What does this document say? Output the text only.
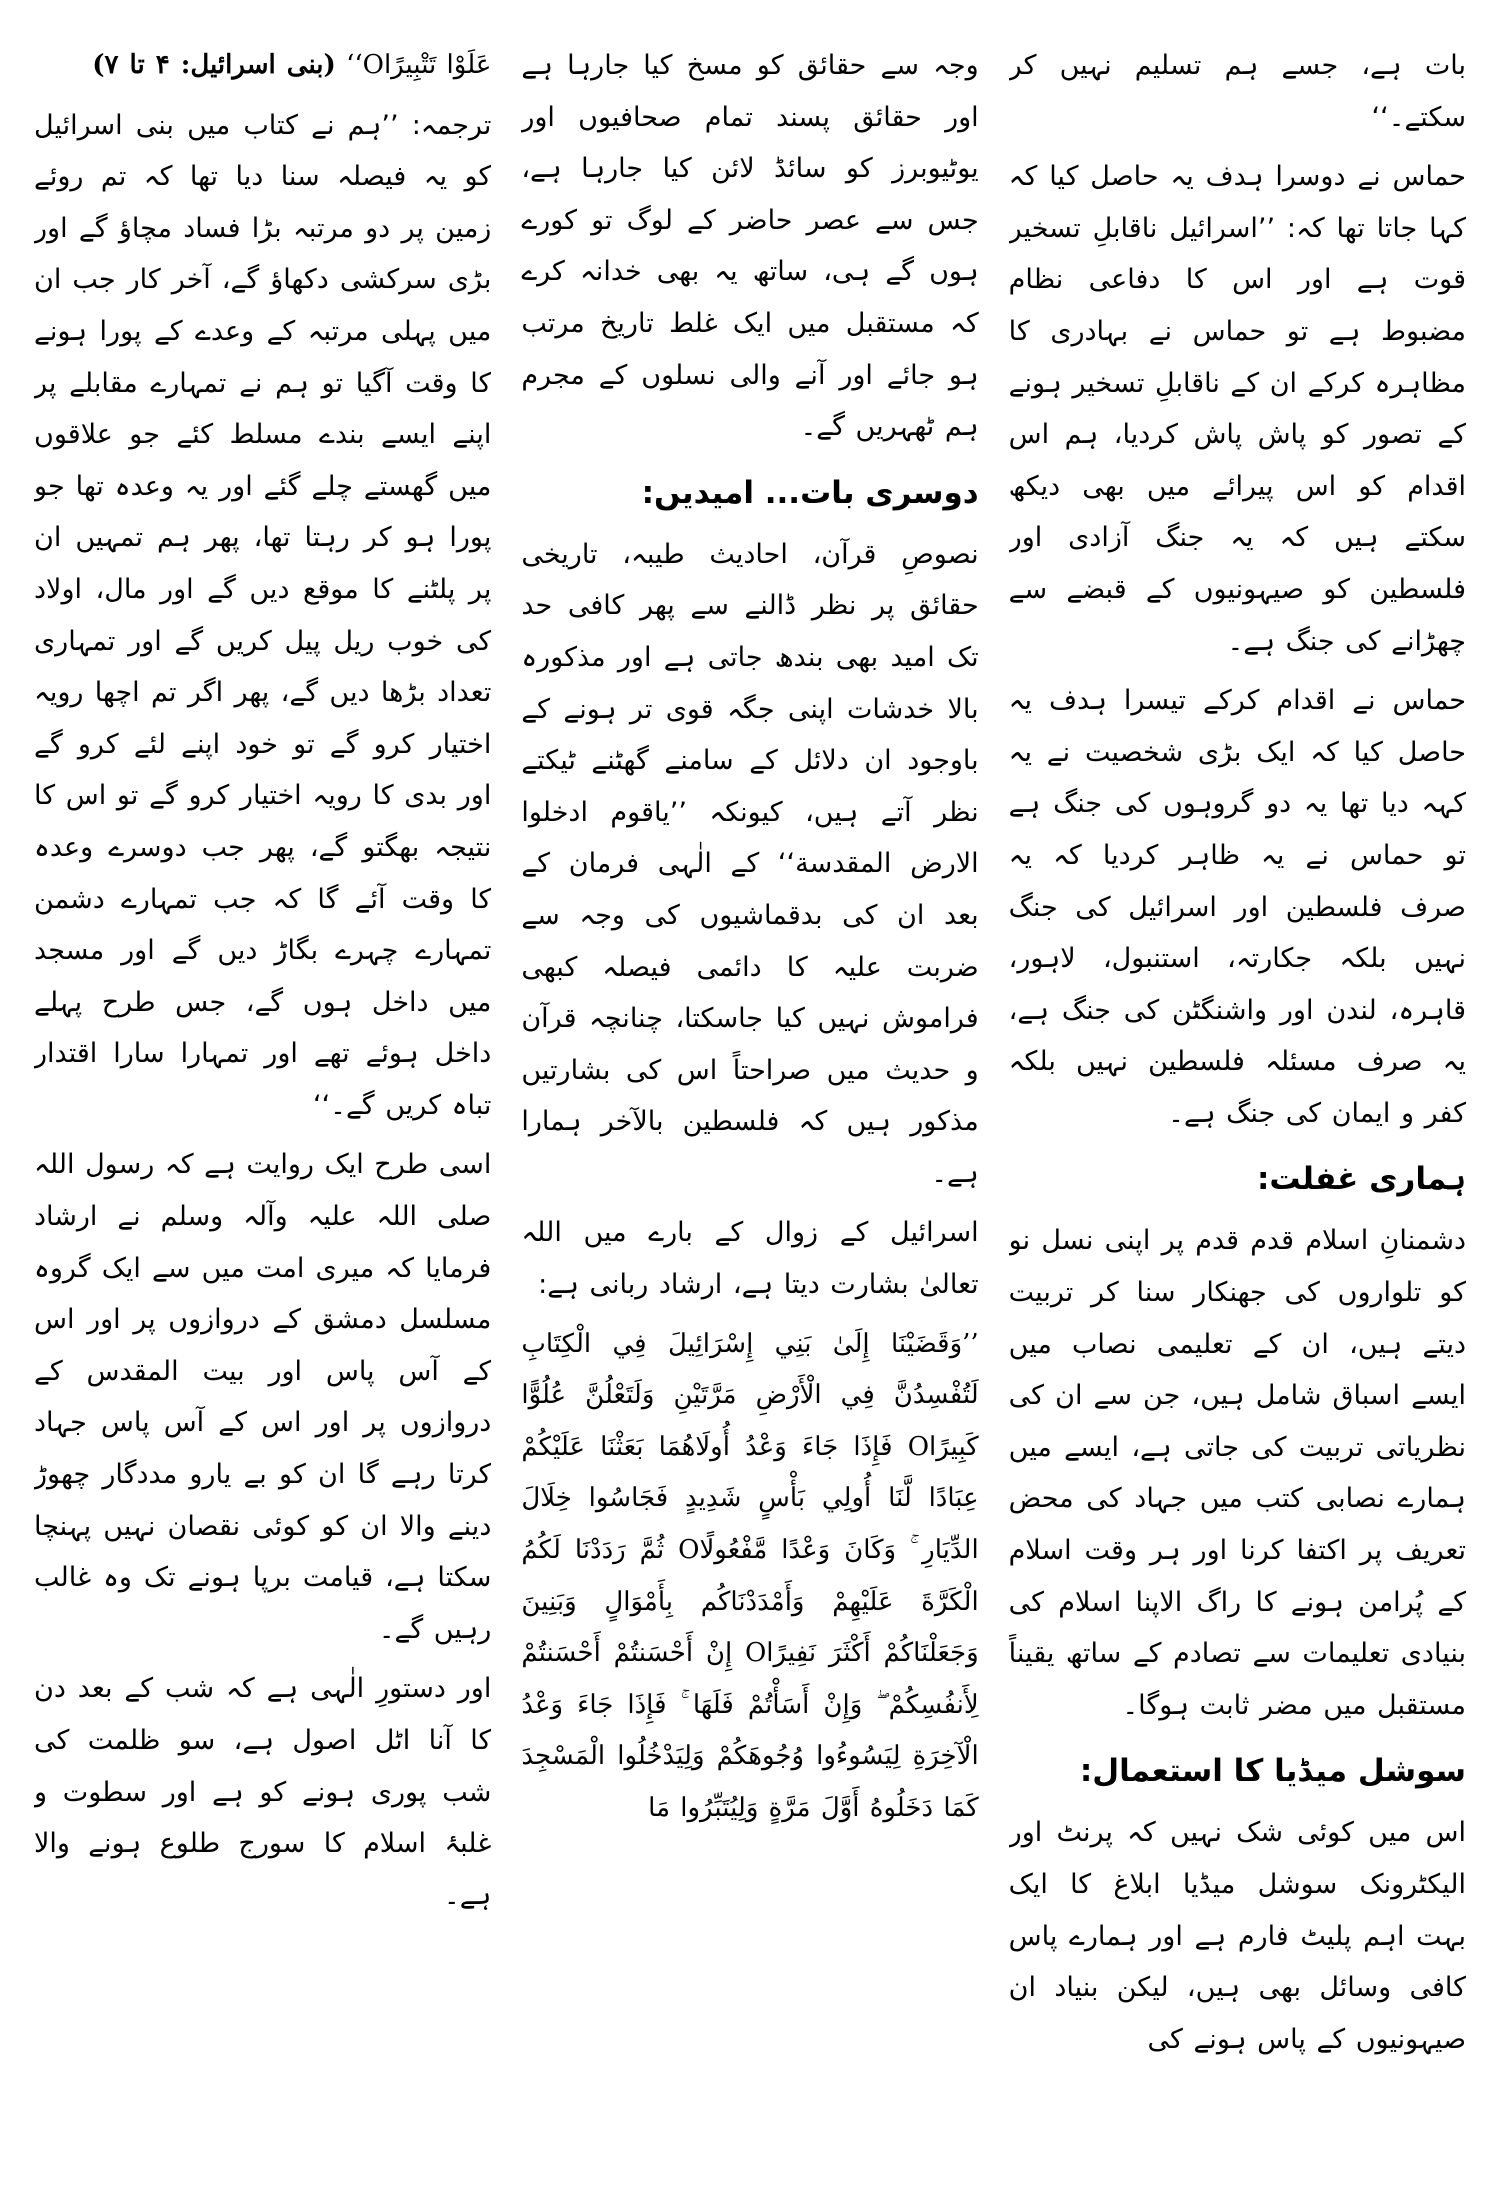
بات ہے، جسے ہم تسلیم نہیں کر سکتے۔‘‘

حماس نے دوسرا ہدف یہ حاصل کیا کہ کہا جاتا تھا کہ: ’’اسرائیل ناقابلِ تسخیر قوت ہے اور اس کا دفاعی نظام مضبوط ہے تو حماس نے بہادری کا مظاہرہ کرکے ان کے ناقابلِ تسخیر ہونے کے تصور کو پاش پاش کردیا، ہم اس اقدام کو اس پیرائے میں بھی دیکھ سکتے ہیں کہ یہ جنگ آزادی اور فلسطین کو صیہونیوں کے قبضے سے چھڑانے کی جنگ ہے۔

حماس نے اقدام کرکے تیسرا ہدف یہ حاصل کیا کہ ایک بڑی شخصیت نے یہ کہہ دیا تھا یہ دو گروہوں کی جنگ ہے تو حماس نے یہ ظاہر کردیا کہ یہ صرف فلسطین اور اسرائیل کی جنگ نہیں بلکہ جکارتہ، استنبول، لاہور، قاہرہ، لندن اور واشنگٹن کی جنگ ہے، یہ صرف مسئلہ فلسطین نہیں بلکہ کفر و ایمان کی جنگ ہے۔

ہماری غفلت:

دشمنانِ اسلام قدم قدم پر اپنی نسل نو کو تلواروں کی جھنکار سنا کر تربیت دیتے ہیں، ان کے تعلیمی نصاب میں ایسے اسباق شامل ہیں، جن سے ان کی نظریاتی تربیت کی جاتی ہے، ایسے میں ہمارے نصابی کتب میں جہاد کی محض تعریف پر اکتفا کرنا اور ہر وقت اسلام کے پُرامن ہونے کا راگ الاپنا اسلام کی بنیادی تعلیمات سے تصادم کے ساتھ یقیناً مستقبل میں مضر ثابت ہوگا۔

سوشل میڈیا کا استعمال:

اس میں کوئی شک نہیں کہ پرنٹ اور الیکٹرونک سوشل میڈیا ابلاغ کا ایک بہت اہم پلیٹ فارم ہے اور ہمارے پاس کافی وسائل بھی ہیں، لیکن بنیاد ان صیہونیوں کے پاس ہونے کی

وجہ سے حقائق کو مسخ کیا جارہا ہے اور حقائق پسند تمام صحافیوں اور یوٹیوبرز کو سائڈ لائن کیا جارہا ہے، جس سے عصر حاضر کے لوگ تو کورے ہوں گے ہی، ساتھ یہ بھی خدانہ کرے کہ مستقبل میں ایک غلط تاریخ مرتب ہو جائے اور آنے والی نسلوں کے مجرم ہم ٹھہریں گے۔

دوسری بات... امیدیں:

نصوصِ قرآن، احادیث طیبہ، تاریخی حقائق پر نظر ڈالنے سے پھر کافی حد تک امید بھی بندھ جاتی ہے اور مذکورہ بالا خدشات اپنی جگہ قوی تر ہونے کے باوجود ان دلائل کے سامنے گھٹنے ٹیکتے نظر آتے ہیں، کیونکہ ’’یاقوم ادخلوا الارض المقدسة‘‘ کے الٰہی فرمان کے بعد ان کی بدقماشیوں کی وجہ سے ضربت علیہ کا دائمی فیصلہ کبھی فراموش نہیں کیا جاسکتا، چنانچہ قرآن و حدیث میں صراحتاً اس کی بشارتیں مذکور ہیں کہ فلسطین بالآخر ہمارا ہے۔

اسرائیل کے زوال کے بارے میں اللہ تعالیٰ بشارت دیتا ہے، ارشاد ربانی ہے:

’’وَقَضَيْنَا إِلَىٰ بَنِي إِسْرَائِيلَ فِي الْكِتَابِ لَتُفْسِدُنَّ فِي الْأَرْضِ مَرَّتَيْنِ وَلَتَعْلُنَّ عُلُوًّا كَبِيرًاO فَإِذَا جَاءَ وَعْدُ أُولَاهُمَا بَعَثْنَا عَلَيْكُمْ عِبَادًا لَّنَا أُولِي بَأْسٍ شَدِيدٍ فَجَاسُوا خِلَالَ الدِّيَارِ ۚ وَكَانَ وَعْدًا مَّفْعُولًاO ثُمَّ رَدَدْنَا لَكُمُ الْكَرَّةَ عَلَيْهِمْ وَأَمْدَدْنَاكُم بِأَمْوَالٍ وَبَنِينَ وَجَعَلْنَاكُمْ أَكْثَرَ نَفِيرًاO إِنْ أَحْسَنتُمْ أَحْسَنتُمْ لِأَنفُسِكُمْ ۖ وَإِنْ أَسَأْتُمْ فَلَهَا ۚ فَإِذَا جَاءَ وَعْدُ الْآخِرَةِ لِيَسُوءُوا وُجُوهَكُمْ وَلِيَدْخُلُوا الْمَسْجِدَ كَمَا دَخَلُوهُ أَوَّلَ مَرَّةٍ وَلِيُتَبِّرُوا مَا

عَلَوْا تَتْبِيرًاO‘‘ (بنی اسرائیل: ۴ تا ۷)

ترجمہ: ’’ہم نے کتاب میں بنی اسرائیل کو یہ فیصلہ سنا دیا تھا کہ تم روئے زمین پر دو مرتبہ بڑا فساد مچاؤ گے اور بڑی سرکشی دکھاؤ گے، آخر کار جب ان میں پہلی مرتبہ کے وعدے کے پورا ہونے کا وقت آگیا تو ہم نے تمہارے مقابلے پر اپنے ایسے بندے مسلط کئے جو علاقوں میں گھستے چلے گئے اور یہ وعدہ تھا جو پورا ہو کر رہتا تھا، پھر ہم تمہیں ان پر پلٹنے کا موقع دیں گے اور مال، اولاد کی خوب ریل پیل کریں گے اور تمہاری تعداد بڑھا دیں گے، پھر اگر تم اچھا رویہ اختیار کرو گے تو خود اپنے لئے کرو گے اور بدی کا رویہ اختیار کرو گے تو اس کا نتیجہ بھگتو گے، پھر جب دوسرے وعدہ کا وقت آئے گا کہ جب تمہارے دشمن تمہارے چہرے بگاڑ دیں گے اور مسجد میں داخل ہوں گے، جس طرح پہلے داخل ہوئے تھے اور تمہارا سارا اقتدار تباہ کریں گے۔‘‘

اسی طرح ایک روایت ہے کہ رسول اللہ صلی اللہ علیہ وآلہ وسلم نے ارشاد فرمایا کہ میری امت میں سے ایک گروہ مسلسل دمشق کے دروازوں پر اور اس کے آس پاس اور بیت المقدس کے دروازوں پر اور اس کے آس پاس جہاد کرتا رہے گا ان کو بے یارو مددگار چھوڑ دینے والا ان کو کوئی نقصان نہیں پہنچا سکتا ہے، قیامت برپا ہونے تک وہ غالب رہیں گے۔

اور دستورِ الٰہی ہے کہ شب کے بعد دن کا آنا اٹل اصول ہے، سو ظلمت کی شب پوری ہونے کو ہے اور سطوت و غلبۂ اسلام کا سورج طلوع ہونے والا ہے۔
